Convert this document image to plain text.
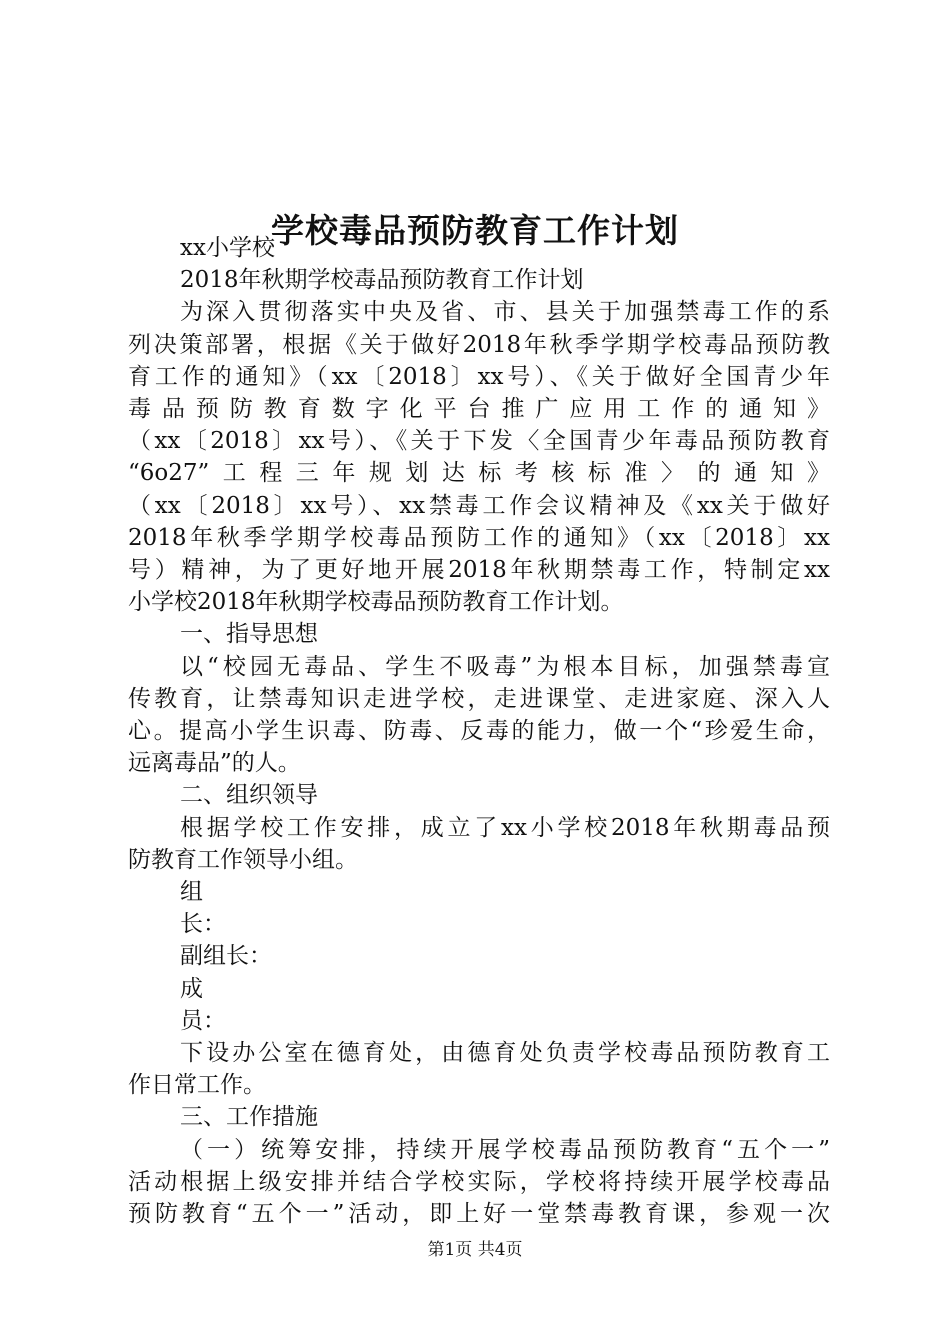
学校毒品预防教育工作计划

xx小学校

2018年秋期学校毒品预防教育工作计划

为深入贯彻落实中央及省、市、县关于加强禁毒工作的系

列决策部署，根据《关于做好2018年秋季学期学校毒品预防教

育工作的通知》（xx〔2018〕xx号）、《关于做好全国青少年

毒品预防教育数字化平台推广应用工作的通知》

（xx〔2018〕xx号）、《关于下发〈全国青少年毒品预防教育

“6o27”工程三年规划达标考核标准〉的通知》

（xx〔2018〕xx号）、xx禁毒工作会议精神及《xx关于做好

2018年秋季学期学校毒品预防工作的通知》（xx〔2018〕xx

号）精神，为了更好地开展2018年秋期禁毒工作，特制定xx

小学校2018年秋期学校毒品预防教育工作计划。

一、指导思想

以“校园无毒品、学生不吸毒”为根本目标，加强禁毒宣

传教育，让禁毒知识走进学校，走进课堂、走进家庭、深入人

心。提高小学生识毒、防毒、反毒的能力，做一个“珍爱生命，

远离毒品”的人。

二、组织领导

根据学校工作安排，成立了xx小学校2018年秋期毒品预

防教育工作领导小组。

组

长：

副组长：

成

员：

下设办公室在德育处，由德育处负责学校毒品预防教育工

作日常工作。

三、工作措施

（一）统筹安排，持续开展学校毒品预防教育“五个一”

活动根据上级安排并结合学校实际，学校将持续开展学校毒品

预防教育“五个一”活动，即上好一堂禁毒教育课，参观一次

第1页 共4页
